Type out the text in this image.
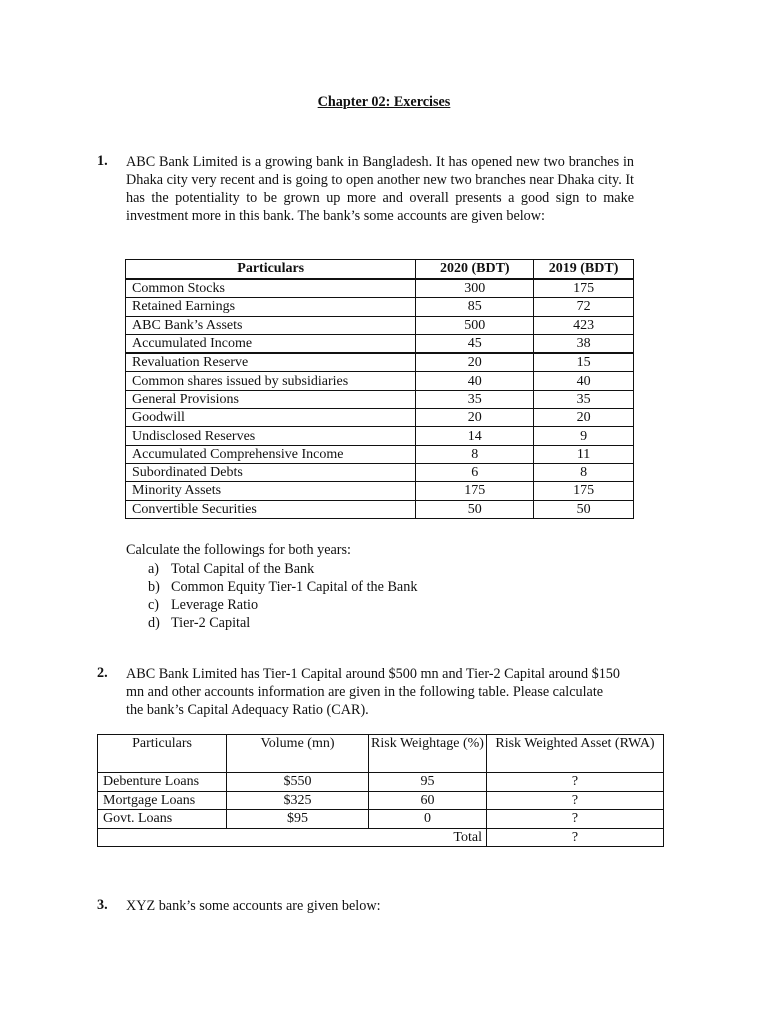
Chapter 02: Exercises
1. ABC Bank Limited is a growing bank in Bangladesh. It has opened new two branches in Dhaka city very recent and is going to open another new two branches near Dhaka city. It has the potentiality to be grown up more and overall presents a good sign to make investment more in this bank. The bank’s some accounts are given below:
Particulars	2020 (BDT)	2019 (BDT)
Common Stocks	300	175
Retained Earnings	85	72
ABC Bank’s Assets	500	423
Accumulated Income	45	38
Revaluation Reserve	20	15
Common shares issued by subsidiaries	40	40
General Provisions	35	35
Goodwill	20	20
Undisclosed Reserves	14	9
Accumulated Comprehensive Income	8	11
Subordinated Debts	6	8
Minority Assets	175	175
Convertible Securities	50	50
Calculate the followings for both years:
a) Total Capital of the Bank
b) Common Equity Tier-1 Capital of the Bank
c) Leverage Ratio
d) Tier-2 Capital
2. ABC Bank Limited has Tier-1 Capital around $500 mn and Tier-2 Capital around $150 mn and other accounts information are given in the following table. Please calculate the bank’s Capital Adequacy Ratio (CAR).
Particulars	Volume (mn)	Risk Weightage (%)	Risk Weighted Asset (RWA)
Debenture Loans	$550	95	?
Mortgage Loans	$325	60	?
Govt. Loans	$95	0	?
Total			?
3. XYZ bank’s some accounts are given below:
